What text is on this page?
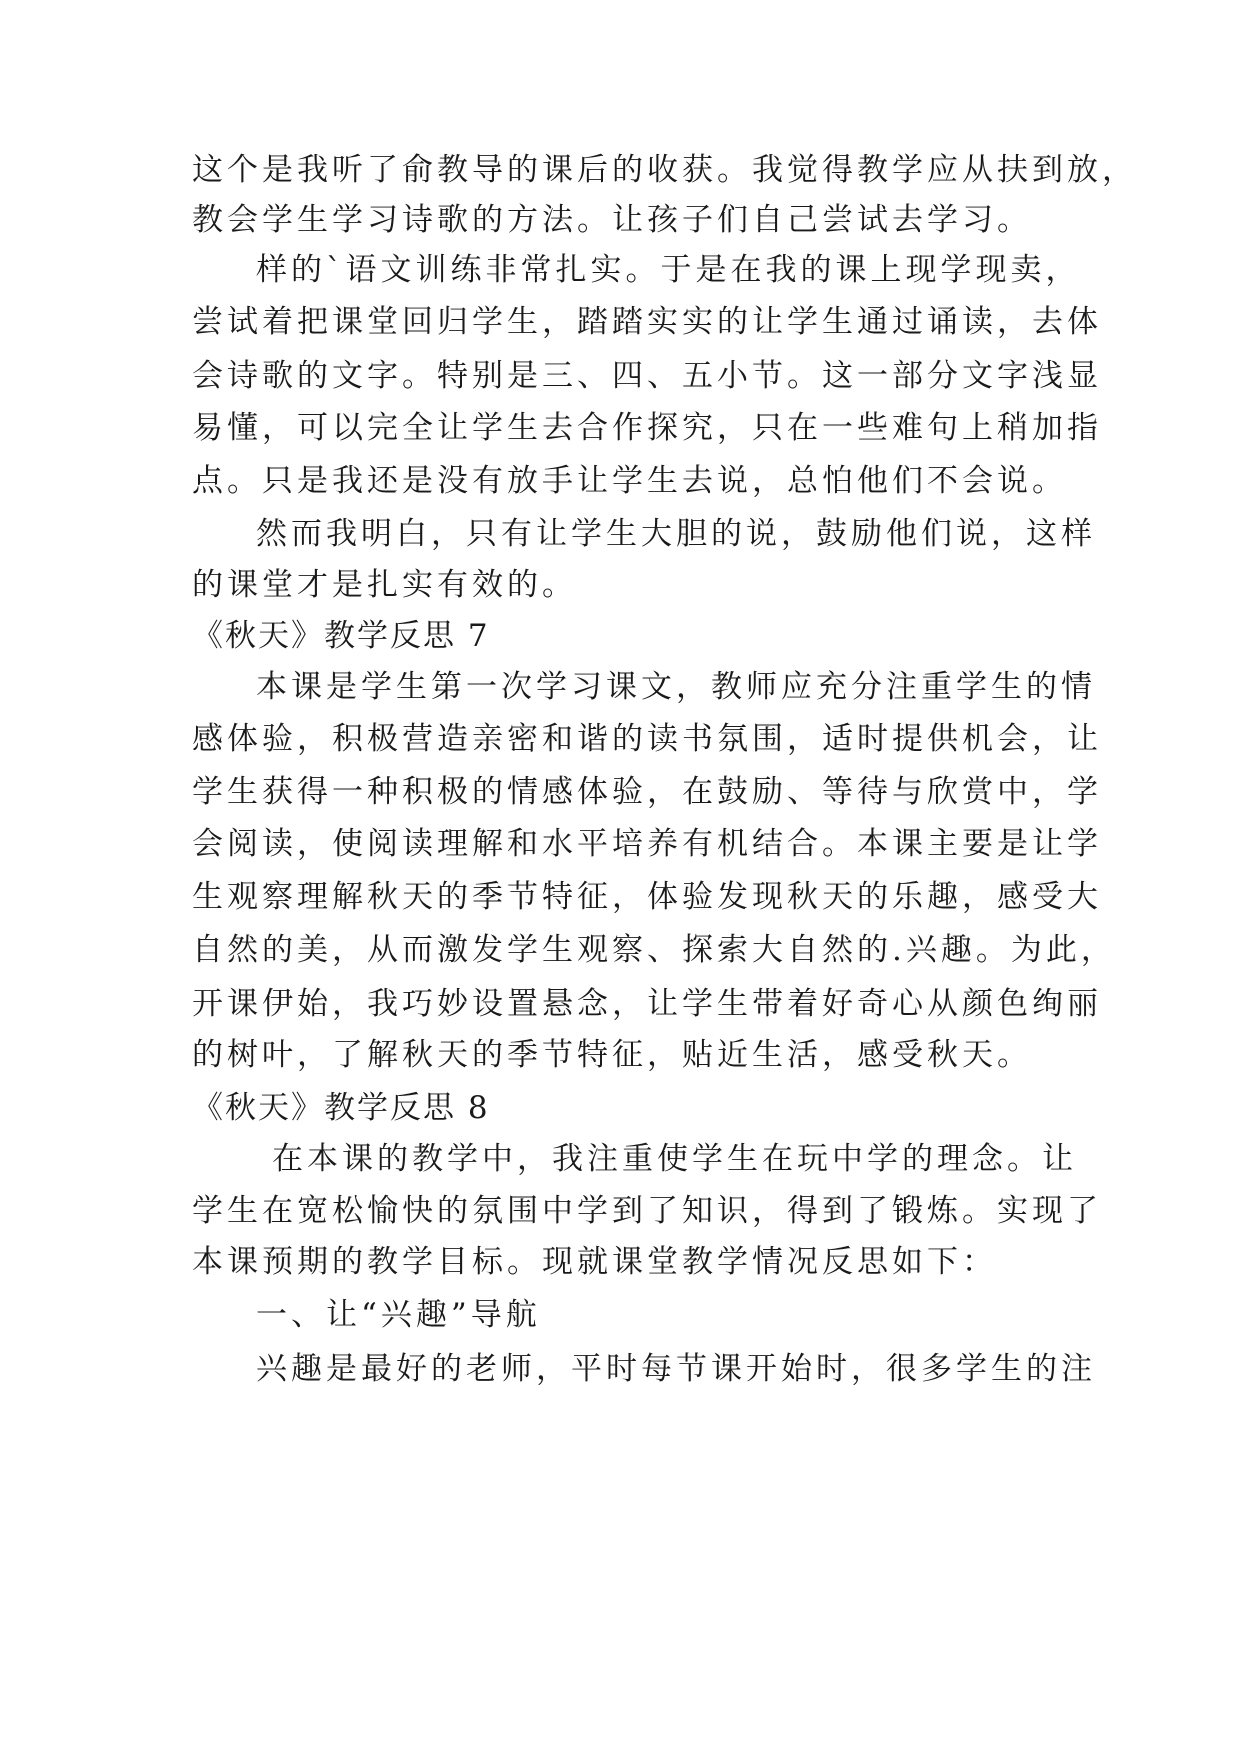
这个是我听了俞教导的课后的收获。我觉得教学应从扶到放，
教会学生学习诗歌的方法。让孩子们自己尝试去学习。
样的`语文训练非常扎实。于是在我的课上现学现卖，
尝试着把课堂回归学生，踏踏实实的让学生通过诵读，去体
会诗歌的文字。特别是三、四、五小节。这一部分文字浅显
易懂，可以完全让学生去合作探究，只在一些难句上稍加指
点。只是我还是没有放手让学生去说，总怕他们不会说。
然而我明白，只有让学生大胆的说，鼓励他们说，这样
的课堂才是扎实有效的。
《秋天》教学反思 7
本课是学生第一次学习课文，教师应充分注重学生的情
感体验，积极营造亲密和谐的读书氛围，适时提供机会，让
学生获得一种积极的情感体验，在鼓励、等待与欣赏中，学
会阅读，使阅读理解和水平培养有机结合。本课主要是让学
生观察理解秋天的季节特征，体验发现秋天的乐趣，感受大
自然的美，从而激发学生观察、探索大自然的.兴趣。为此，
开课伊始，我巧妙设置悬念，让学生带着好奇心从颜色绚丽
的树叶，了解秋天的季节特征，贴近生活，感受秋天。
《秋天》教学反思 8
在本课的教学中，我注重使学生在玩中学的理念。让
学生在宽松愉快的氛围中学到了知识，得到了锻炼。实现了
本课预期的教学目标。现就课堂教学情况反思如下：
一、让“兴趣”导航
兴趣是最好的老师，平时每节课开始时，很多学生的注
